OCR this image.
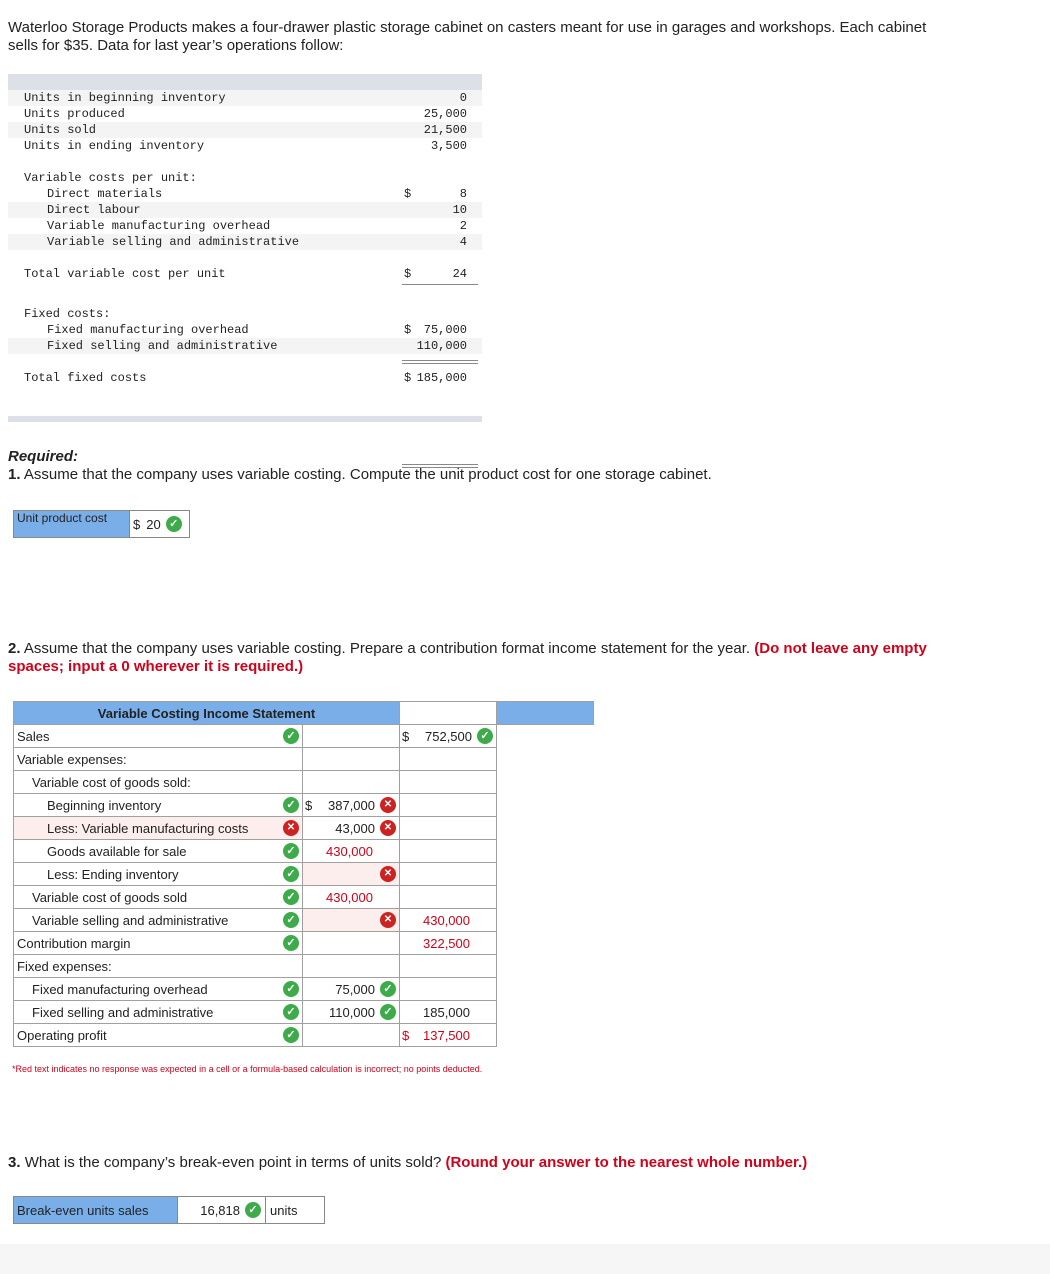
Waterloo Storage Products makes a four-drawer plastic storage cabinet on casters meant for use in garages and workshops. Each cabinet sells for $35. Data for last year’s operations follow:
Units in beginning inventory	0
Units produced	25,000
Units sold	21,500
Units in ending inventory	3,500
Variable costs per unit:
Direct materials	$	8
Direct labour	10
Variable manufacturing overhead	2
Variable selling and administrative	4
Total variable cost per unit	$	24
Fixed costs:
Fixed manufacturing overhead	$ 75,000
Fixed selling and administrative	110,000
Total fixed costs	$ 185,000
Required:
1. Assume that the company uses variable costing. Compute the unit product cost for one storage cabinet.
Unit product cost	$ 20 ✓
2. Assume that the company uses variable costing. Prepare a contribution format income statement for the year. (Do not leave any empty spaces; input a 0 wherever it is required.)
Variable Costing Income Statement			

Sales ✓		$ 752,500 ✓	

Variable expenses:			

Variable cost of goods sold:			

Beginning inventory ✓	$ 387,000 ✕		

Less: Variable manufacturing costs ✕	43,000 ✕		

Goods available for sale ✓	430,000		

Less: Ending inventory ✓	✕		

Variable cost of goods sold ✓	430,000		

Variable selling and administrative ✓	✕	430,000	

Contribution margin ✓		322,500	

Fixed expenses:			

Fixed manufacturing overhead ✓	75,000 ✓		

Fixed selling and administrative ✓	110,000 ✓	185,000	

Operating profit ✓		$ 137,500	
*Red text indicates no response was expected in a cell or a formula-based calculation is incorrect; no points deducted.
3. What is the company’s break-even point in terms of units sold? (Round your answer to the nearest whole number.)
Break-even units sales	16,818 ✓ units
